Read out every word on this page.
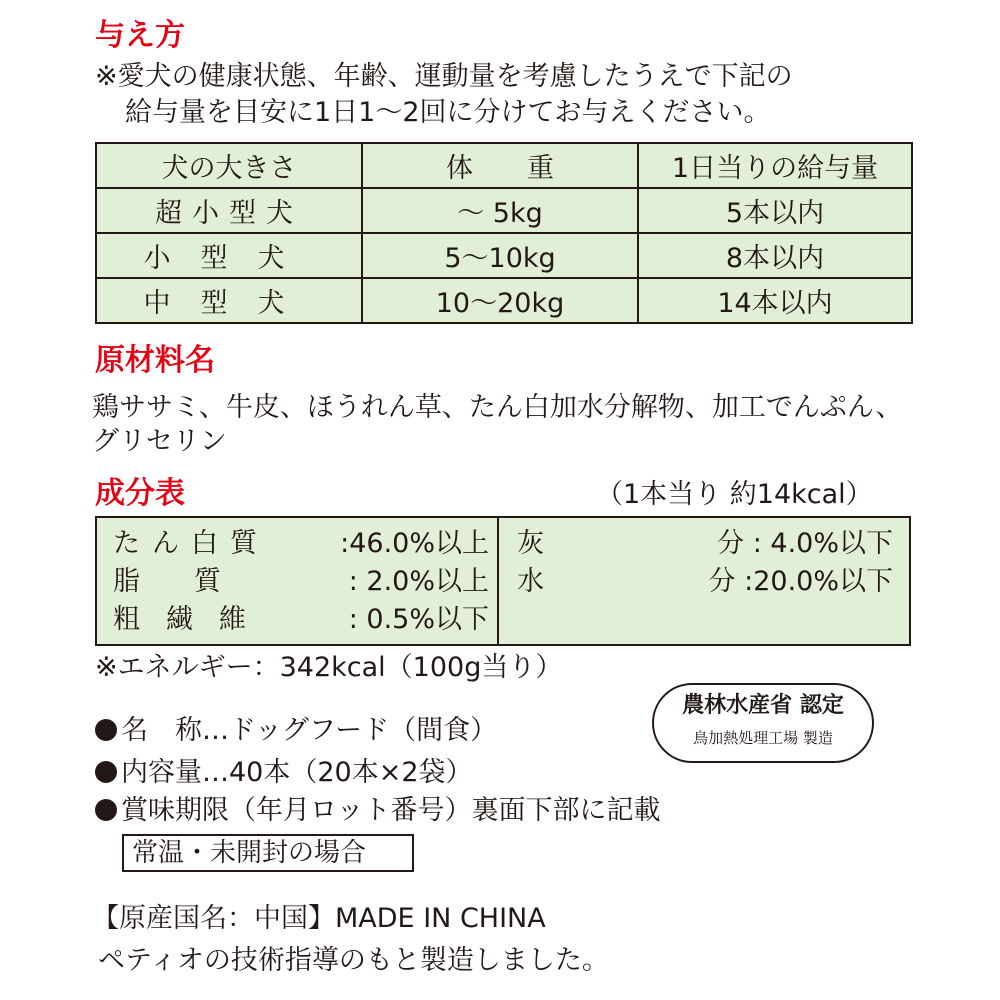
与え方
※愛犬の健康状態、年齢、運動量を考慮したうえで下記の
給与量を目安に1日1〜2回に分けてお与えください。
犬の大きさ	体　　重	1日当りの給与量
超小型犬	〜 5kg	5本以内
小型犬	5〜10kg	8本以内
中型犬	10〜20kg	14本以内
原材料名
鶏ササミ、牛皮、ほうれん草、たん白加水分解物、加工でんぷん、
グリセリン
成分表	（1本当り 約14kcal）
たん白質	:46.0%以上
脂　　質	: 2.0%以上
粗繊維	: 0.5%以下
灰	分 : 4.0%以下
水	分 :20.0%以下
※エネルギー：342kcal（100g当り）
農林水産省 認定
鳥加熱処理工場 製造
名　称…ドッグフード（間食）
内容量…40本（20本×2袋）
賞味期限（年月ロット番号）裏面下部に記載
常温・未開封の場合
【原産国名：中国】MADE IN CHINA
ペティオの技術指導のもと製造しました。
